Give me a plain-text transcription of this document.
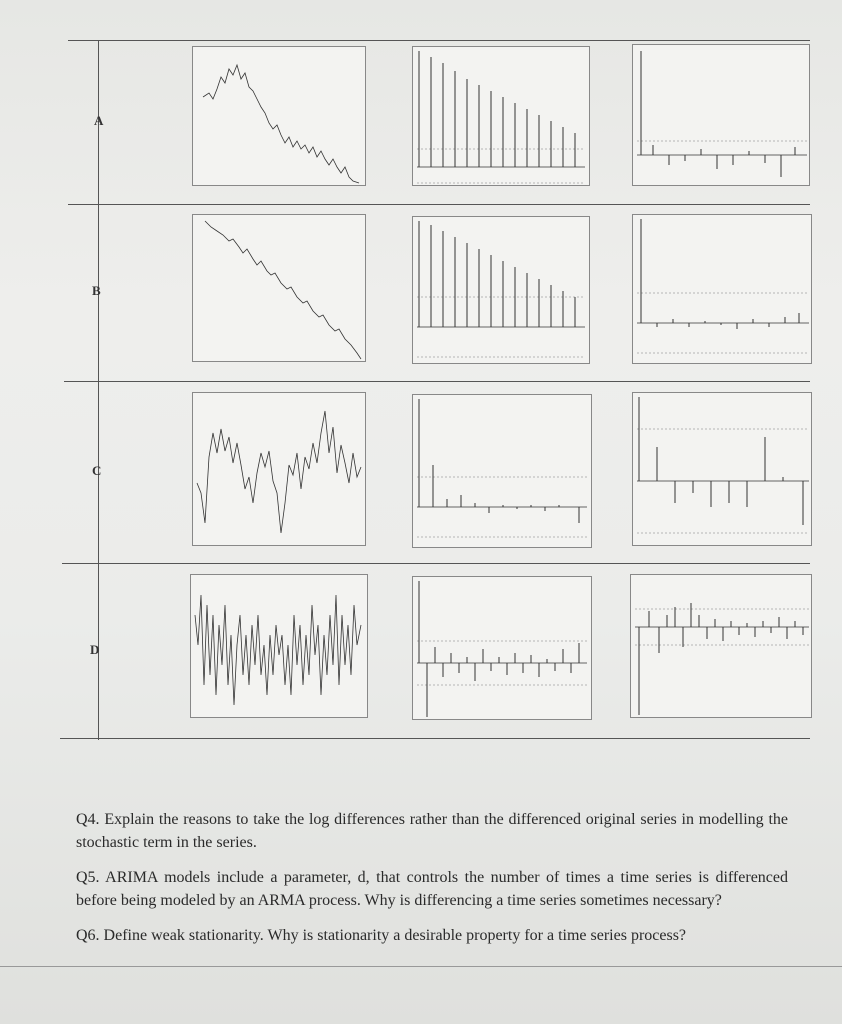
A
B
C
D

Q4. Explain the reasons to take the log differences rather than the differenced original series in modelling the stochastic term in the series.

Q5. ARIMA models include a parameter, d, that controls the number of times a time series is differenced before being modeled by an ARMA process. Why is differencing a time series sometimes necessary?

Q6. Define weak stationarity. Why is stationarity a desirable property for a time series process?
